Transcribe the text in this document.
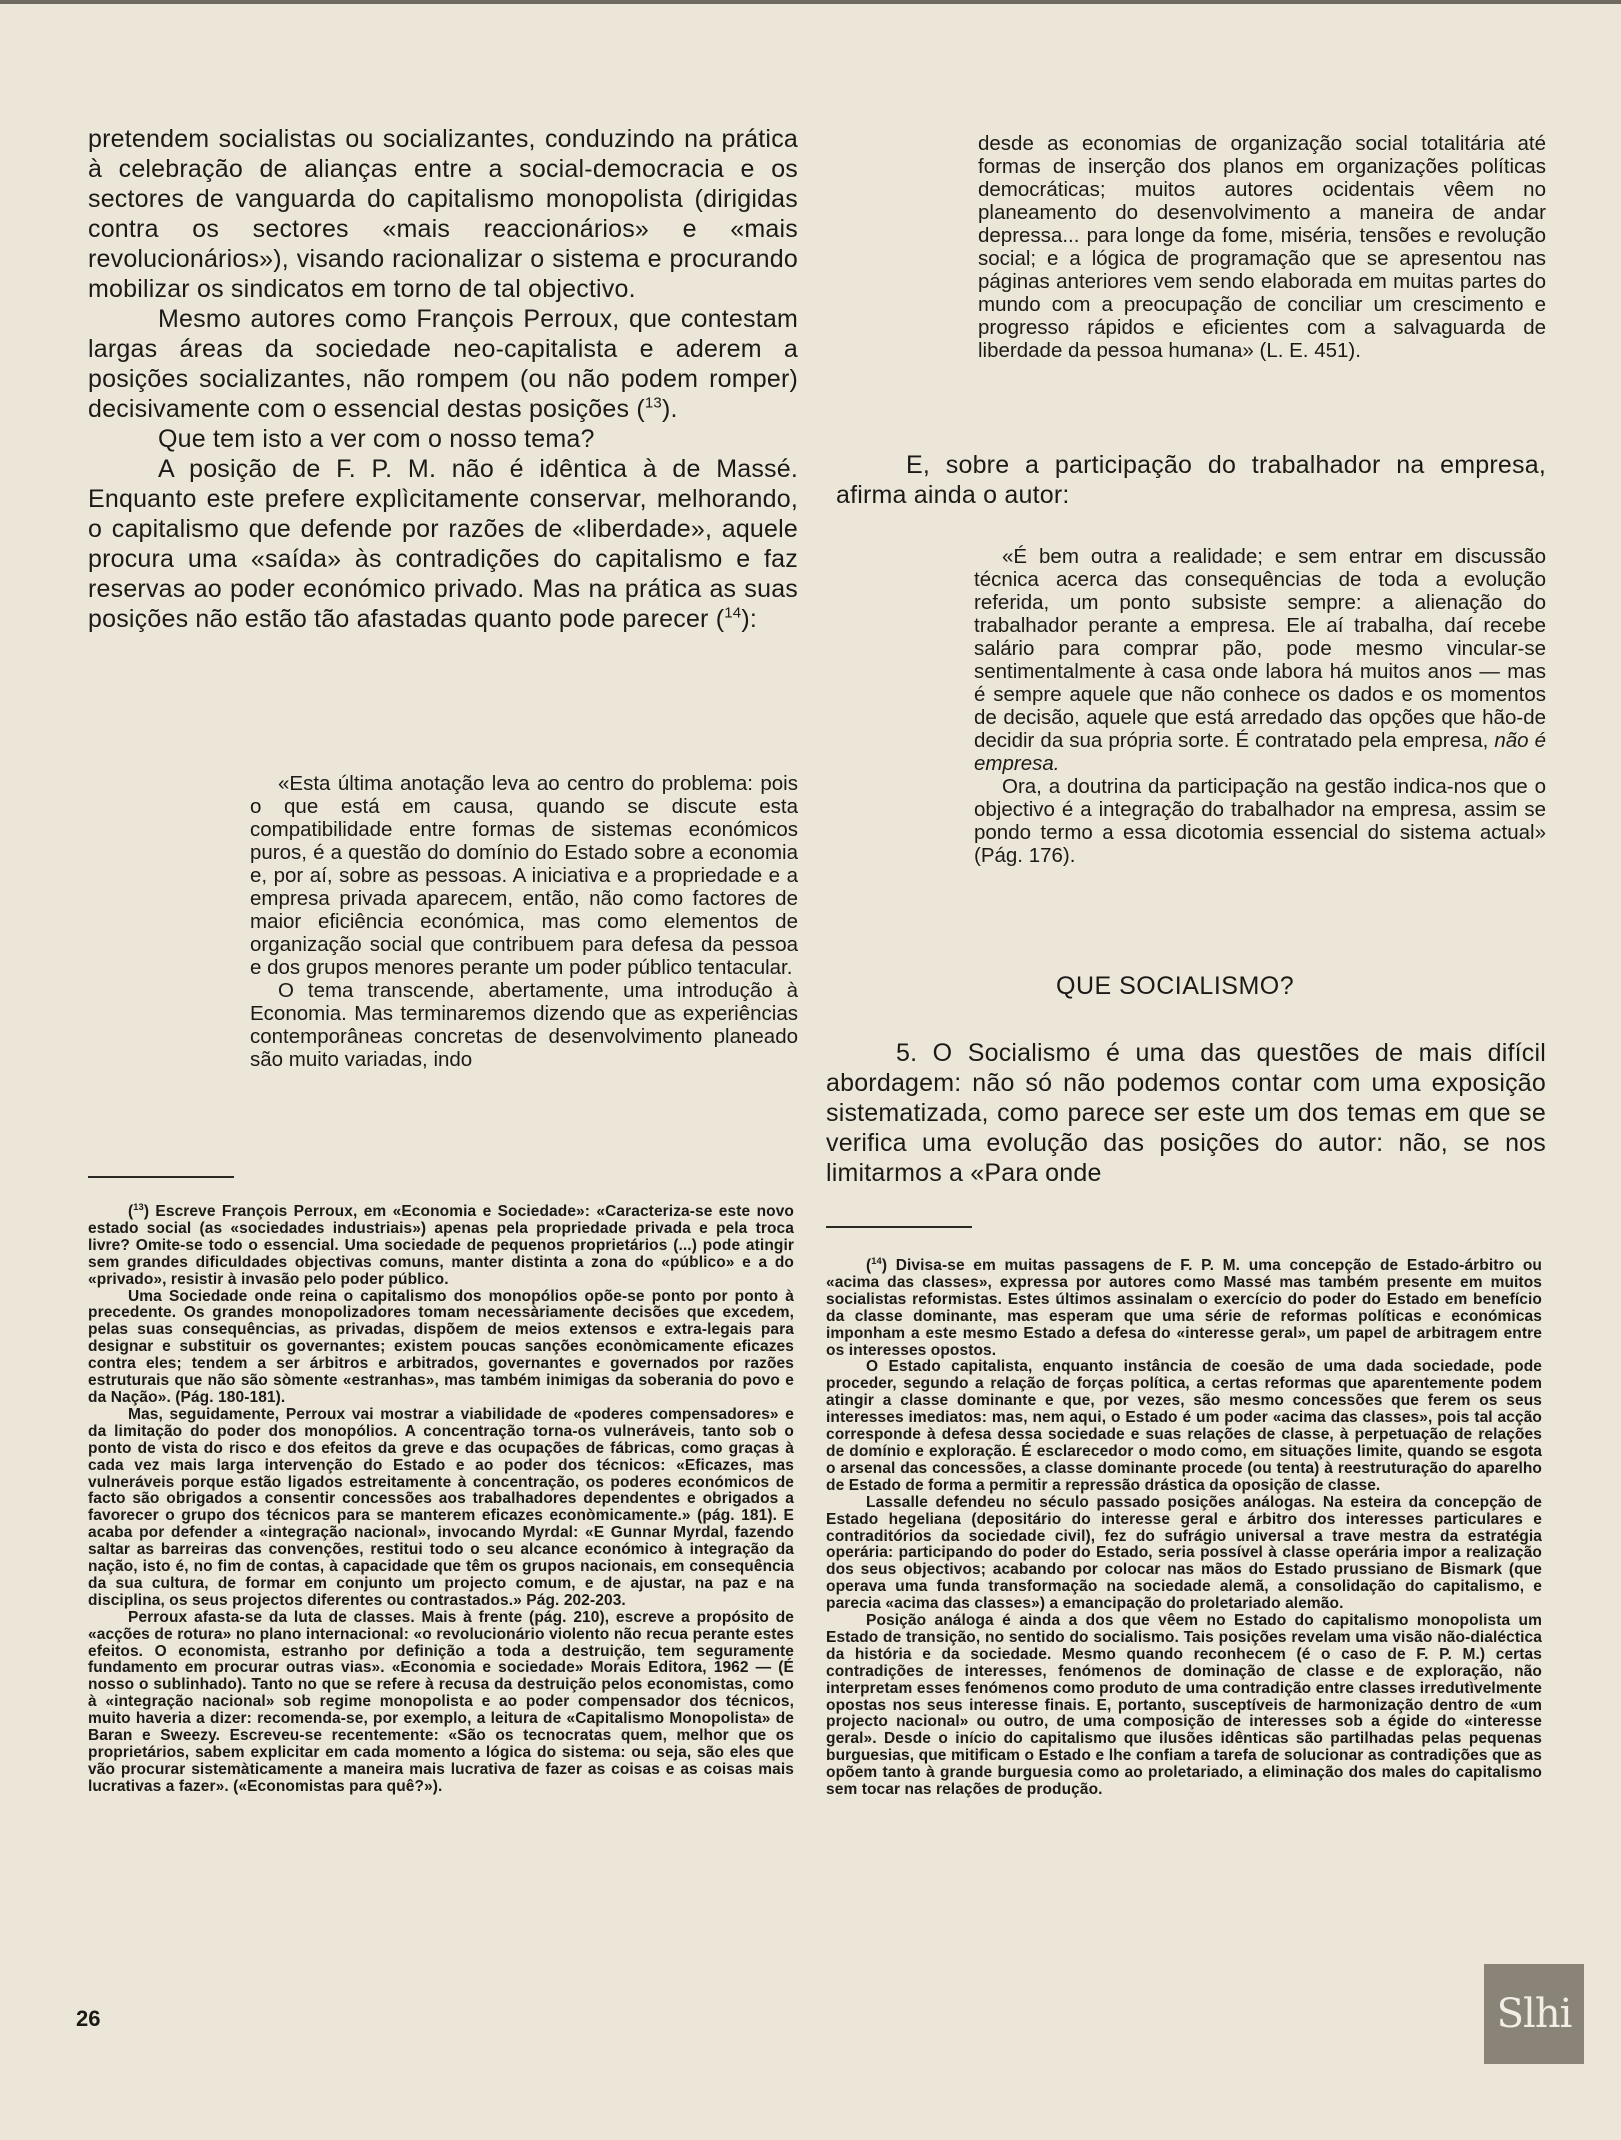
pretendem socialistas ou socializantes, conduzindo na prática à celebração de alianças entre a social-democracia e os sectores de vanguarda do capitalismo monopolista (dirigidas contra os sectores «mais reaccionários» e «mais revolucionários»), visando racionalizar o sistema e procurando mobilizar os sindicatos em torno de tal objectivo.

Mesmo autores como François Perroux, que contestam largas áreas da sociedade neo-capitalista e aderem a posições socializantes, não rompem (ou não podem romper) decisivamente com o essencial destas posições ($^{13}$).

Que tem isto a ver com o nosso tema?

A posição de F. P. M. não é idêntica à de Massé. Enquanto este prefere explìcitamente conservar, melhorando, o capitalismo que defende por razões de «liberdade», aquele procura uma «saída» às contradições do capitalismo e faz reservas ao poder económico privado. Mas na prática as suas posições não estão tão afastadas quanto pode parecer ($^{14}$):

«Esta última anotação leva ao centro do problema: pois o que está em causa, quando se discute esta compatibilidade entre formas de sistemas económicos puros, é a questão do domínio do Estado sobre a economia e, por aí, sobre as pessoas. A iniciativa e a propriedade e a empresa privada aparecem, então, não como factores de maior eficiência económica, mas como elementos de organização social que contribuem para defesa da pessoa e dos grupos menores perante um poder público tentacular.

O tema transcende, abertamente, uma introdução à Economia. Mas terminaremos dizendo que as experiências contemporâneas concretas de desenvolvimento planeado são muito variadas, indo

desde as economias de organização social totalitária até formas de inserção dos planos em organizações políticas democráticas; muitos autores ocidentais vêem no planeamento do desenvolvimento a maneira de andar depressa... para longe da fome, miséria, tensões e revolução social; e a lógica de programação que se apresentou nas páginas anteriores vem sendo elaborada em muitas partes do mundo com a preocupação de conciliar um crescimento e progresso rápidos e eficientes com a salvaguarda de liberdade da pessoa humana» (L. E. 451).

E, sobre a participação do trabalhador na empresa, afirma ainda o autor:

«É bem outra a realidade; e sem entrar em discussão técnica acerca das consequências de toda a evolução referida, um ponto subsiste sempre: a alienação do trabalhador perante a empresa. Ele aí trabalha, daí recebe salário para comprar pão, pode mesmo vincular-se sentimentalmente à casa onde labora há muitos anos — mas é sempre aquele que não conhece os dados e os momentos de decisão, aquele que está arredado das opções que hão-de decidir da sua própria sorte. É contratado pela empresa, não é empresa.

Ora, a doutrina da participação na gestão indica-nos que o objectivo é a integração do trabalhador na empresa, assim se pondo termo a essa dicotomia essencial do sistema actual» (Pág. 176).

QUE SOCIALISMO?

5. O Socialismo é uma das questões de mais difícil abordagem: não só não podemos contar com uma exposição sistematizada, como parece ser este um dos temas em que se verifica uma evolução das posições do autor: não, se nos limitarmos a «Para onde

($^{13}$) Escreve François Perroux, em «Economia e Sociedade»: «Caracteriza-se este novo estado social (as «sociedades industriais») apenas pela propriedade privada e pela troca livre? Omite-se todo o essencial. Uma sociedade de pequenos proprietários (...) pode atingir sem grandes dificuldades objectivas comuns, manter distinta a zona do «público» e a do «privado», resistir à invasão pelo poder público.

Uma Sociedade onde reina o capitalismo dos monopólios opõe-se ponto por ponto à precedente. Os grandes monopolizadores tomam necessàriamente decisões que excedem, pelas suas consequências, as privadas, dispõem de meios extensos e extra-legais para designar e substituir os governantes; existem poucas sanções econòmicamente eficazes contra eles; tendem a ser árbitros e arbitrados, governantes e governados por razões estruturais que não são sòmente «estranhas», mas também inimigas da soberania do povo e da Nação». (Pág. 180-181).

Mas, seguidamente, Perroux vai mostrar a viabilidade de «poderes compensadores» e da limitação do poder dos monopólios. A concentração torna-os vulneráveis, tanto sob o ponto de vista do risco e dos efeitos da greve e das ocupações de fábricas, como graças à cada vez mais larga intervenção do Estado e ao poder dos técnicos: «Eficazes, mas vulneráveis porque estão ligados estreitamente à concentração, os poderes económicos de facto são obrigados a consentir concessões aos trabalhadores dependentes e obrigados a favorecer o grupo dos técnicos para se manterem eficazes econòmicamente.» (pág. 181). E acaba por defender a «integração nacional», invocando Myrdal: «E Gunnar Myrdal, fazendo saltar as barreiras das convenções, restitui todo o seu alcance económico à integração da nação, isto é, no fim de contas, à capacidade que têm os grupos nacionais, em consequência da sua cultura, de formar em conjunto um projecto comum, e de ajustar, na paz e na disciplina, os seus projectos diferentes ou contrastados.» Pág. 202-203.

Perroux afasta-se da luta de classes. Mais à frente (pág. 210), escreve a propósito de «acções de rotura» no plano internacional: «o revolucionário violento não recua perante estes efeitos. O economista, estranho por definição a toda a destruição, tem seguramente fundamento em procurar outras vias». «Economia e sociedade» Morais Editora, 1962 — (É nosso o sublinhado). Tanto no que se refere à recusa da destruição pelos economistas, como à «integração nacional» sob regime monopolista e ao poder compensador dos técnicos, muito haveria a dizer: recomenda-se, por exemplo, a leitura de «Capitalismo Monopolista» de Baran e Sweezy. Escreveu-se recentemente: «São os tecnocratas quem, melhor que os proprietários, sabem explicitar em cada momento a lógica do sistema: ou seja, são eles que vão procurar sistemàticamente a maneira mais lucrativa de fazer as coisas e as coisas mais lucrativas a fazer». («Economistas para quê?»).

($^{14}$) Divisa-se em muitas passagens de F. P. M. uma concepção de Estado-árbitro ou «acima das classes», expressa por autores como Massé mas também presente em muitos socialistas reformistas. Estes últimos assinalam o exercício do poder do Estado em benefício da classe dominante, mas esperam que uma série de reformas políticas e económicas imponham a este mesmo Estado a defesa do «interesse geral», um papel de arbitragem entre os interesses opostos.

O Estado capitalista, enquanto instância de coesão de uma dada sociedade, pode proceder, segundo a relação de forças política, a certas reformas que aparentemente podem atingir a classe dominante e que, por vezes, são mesmo concessões que ferem os seus interesses imediatos: mas, nem aqui, o Estado é um poder «acima das classes», pois tal acção corresponde à defesa dessa sociedade e suas relações de classe, à perpetuação de relações de domínio e exploração. É esclarecedor o modo como, em situações limite, quando se esgota o arsenal das concessões, a classe dominante procede (ou tenta) à reestruturação do aparelho de Estado de forma a permitir a repressão drástica da oposição de classe.

Lassalle defendeu no século passado posições análogas. Na esteira da concepção de Estado hegeliana (depositário do interesse geral e árbitro dos interesses particulares e contraditórios da sociedade civil), fez do sufrágio universal a trave mestra da estratégia operária: participando do poder do Estado, seria possível à classe operária impor a realização dos seus objectivos; acabando por colocar nas mãos do Estado prussiano de Bismark (que operava uma funda transformação na sociedade alemã, a consolidação do capitalismo, e parecia «acima das classes») a emancipação do proletariado alemão.

Posição análoga é ainda a dos que vêem no Estado do capitalismo monopolista um Estado de transição, no sentido do socialismo. Tais posições revelam uma visão não-dialéctica da história e da sociedade. Mesmo quando reconhecem (é o caso de F. P. M.) certas contradições de interesses, fenómenos de dominação de classe e de exploração, não interpretam esses fenómenos como produto de uma contradição entre classes irredutìvelmente opostas nos seus interesse finais. E, portanto, susceptíveis de harmonização dentro de «um projecto nacional» ou outro, de uma composição de interesses sob a égide do «interesse geral». Desde o início do capitalismo que ilusões idênticas são partilhadas pelas pequenas burguesias, que mitificam o Estado e lhe confiam a tarefa de solucionar as contradições que as opõem tanto à grande burguesia como ao proletariado, a eliminação dos males do capitalismo sem tocar nas relações de produção.

26	Slhi
